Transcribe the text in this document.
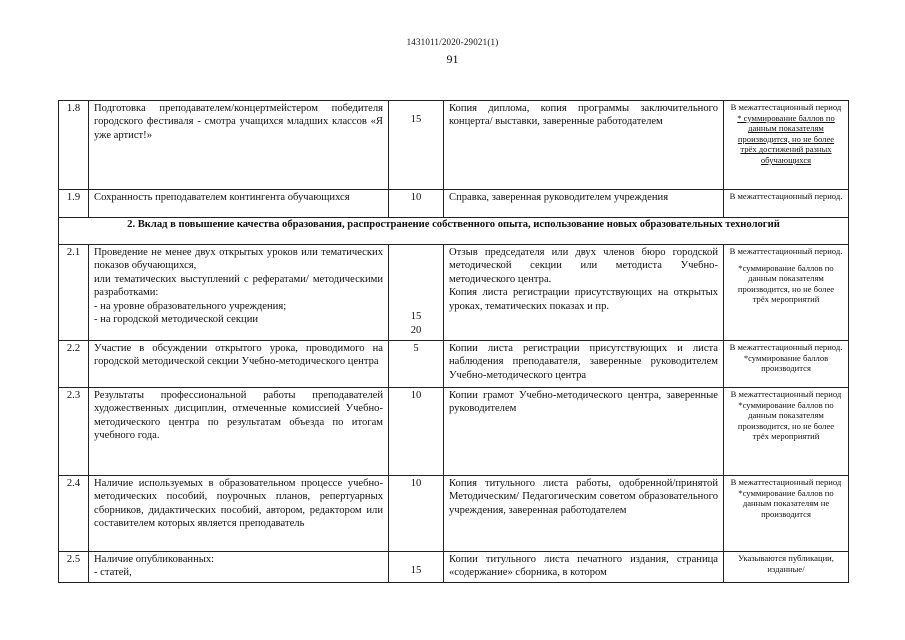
1431011/2020-29021(1)
91
1.8	Подготовка преподавателем/концертмейстером победителя городского фестиваля - смотра учащихся младших классов «Я уже артист!»	15	Копия диплома, копия программы заключительного концерта/ выставки, заверенные работодателем	В межаттестационный период
* суммирование баллов по данным показателям производится, но не более трёх достижений разных обучающихся

1.9	Сохранность преподавателем контингента обучающихся	10	Справка, заверенная руководителем учреждения	В межаттестационный период.
2. Вклад в повышение качества образования, распространение собственного опыта, использование новых образовательных технологий				
2.1	Проведение не менее двух открытых уроков или тематических показов обучающихся,
или тематических выступлений с рефератами/ методическими разработками:
- на уровне образовательного учреждения;
- на городской методической секции	15
20	Отзыв председателя или двух членов бюро городской методической секции или методиста Учебно-методического центра.
Копия листа регистрации присутствующих на открытых уроках, тематических показах и пр.	В межаттестационный период.
*суммирование баллов по данным показателям производится, но не более трёх мероприятий

2.2	Участие в обсуждении открытого урока, проводимого на городской методической секции Учебно-методического центра	5	Копии листа регистрации присутствующих и листа наблюдения преподавателя, заверенные руководителем Учебно-методического центра	В межаттестационный период.
*суммирование баллов производится

2.3	Результаты профессиональной работы преподавателей художественных дисциплин, отмеченные комиссией Учебно-методического центра по результатам объезда по итогам учебного года.	10	Копии грамот Учебно-методического центра, заверенные руководителем	В межаттестационный период
*суммирование баллов по данным показателям производится, но не более трёх мероприятий

2.4	Наличие используемых в образовательном процессе учебно-методических пособий, поурочных планов, репертуарных сборников, дидактических пособий, автором, редактором или составителем которых является преподаватель	10	Копия титульного листа работы, одобренной/принятой Методическим/ Педагогическим советом образовательного учреждения, заверенная работодателем	В межаттестационный период
*суммирование баллов по данным показателям не производится

2.5	Наличие опубликованных:
- статей,	15	Копии титульного листа печатного издания, страница «содержание» сборника, в котором	Указываются публикации, изданные/
